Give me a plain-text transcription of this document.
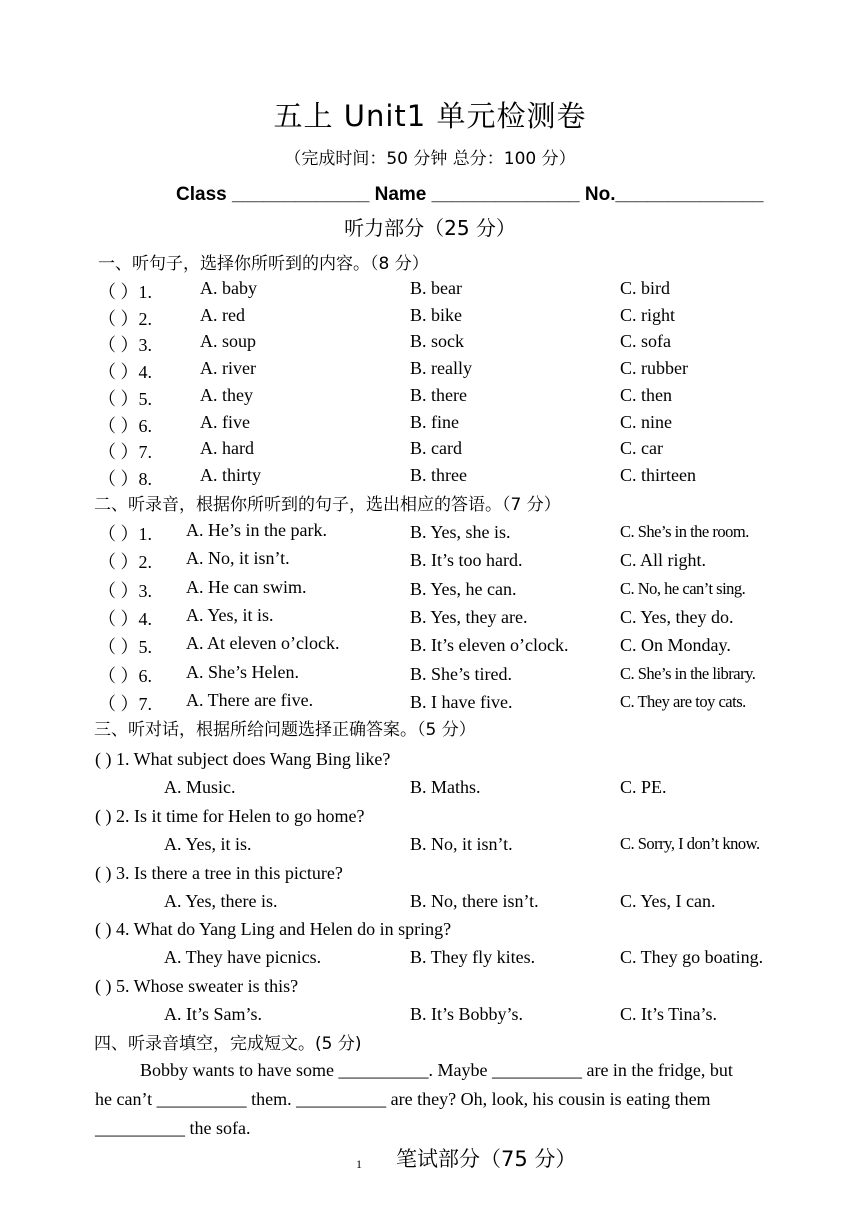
五上 Unit1 单元检测卷
（完成时间：50 分钟 总分：100 分）
Class _____________ Name ______________ No.______________
听力部分（25 分）
一、听句子，选择你所听到的内容。（8 分）
（ ）1.	A. baby	B. bear	C. bird
（ ）2.	A. red	B. bike	C. right
（ ）3.	A. soup	B. sock	C. sofa
（ ）4.	A. river	B. really	C. rubber
（ ）5.	A. they	B. there	C. then
（ ）6.	A. five	B. fine	C. nine
（ ）7.	A. hard	B. card	C. car
（ ）8.	A. thirty	B. three	C. thirteen
二、听录音，根据你所听到的句子，选出相应的答语。（7 分）
（ ）1. A. He’s in the park.	B. Yes, she is.	C. She’s in the room.
（ ）2. A. No, it isn’t.	B. It’s too hard.	C. All right.
（ ）3. A. He can swim.	B. Yes, he can.	C. No, he can’t sing.
（ ）4. A. Yes, it is.	B. Yes, they are.	C. Yes, they do.
（ ）5. A. At eleven o’clock.	B. It’s eleven o’clock.	C. On Monday.
（ ）6. A. She’s Helen.	B. She’s tired.	C. She’s in the library.
（ ）7. A. There are five.	B. I have five.	C. They are toy cats.
三、听对话，根据所给问题选择正确答案。（5 分）
( ) 1. What subject does Wang Bing like?
A. Music.	B. Maths.	C. PE.
( ) 2. Is it time for Helen to go home?
A. Yes, it is.	B. No, it isn’t.	C. Sorry, I don’t know.
( ) 3. Is there a tree in this picture?
A. Yes, there is.	B. No, there isn’t.	C. Yes, I can.
( ) 4. What do Yang Ling and Helen do in spring?
A. They have picnics.	B. They fly kites.	C. They go boating.
( ) 5. Whose sweater is this?
A. It’s Sam’s.	B. It’s Bobby’s.	C. It’s Tina’s.
四、听录音填空，完成短文。(5 分)
Bobby wants to have some __________. Maybe __________ are in the fridge, but
he can’t __________ them. __________ are they? Oh, look, his cousin is eating them
__________ the sofa.
1 笔试部分（75 分）
